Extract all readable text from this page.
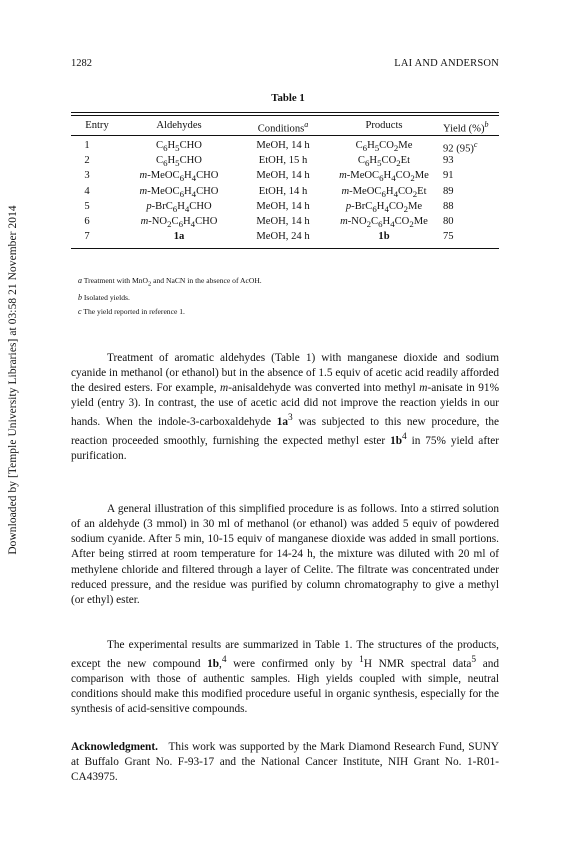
Downloaded by [Temple University Libraries] at 03:58 21 November 2014
1282	LAI AND ANDERSON
Table 1
Entry	Aldehydes	Conditions$^a$	Products	Yield (%)$^b$
1	$C_6H_5CHO$	MeOH, 14 h	$C_6H_5CO_2Me$	92 (95)$^c$
2	$C_6H_5CHO$	EtOH, 15 h	$C_6H_5CO_2Et$	93
3	$m-MeOC_6H_4CHO$	MeOH, 14 h	$m-MeOC_6H_4CO_2Me$	91
4	$m-MeOC_6H_4CHO$	EtOH, 14 h	$m-MeOC_6H_4CO_2Et$	89
5	$p-BrC_6H_4CHO$	MeOH, 14 h	$p-BrC_6H_4CO_2Me$	88
6	$m-NO_2C_6H_4CHO$	MeOH, 14 h	$m-NO_2C_6H_4CO_2Me$	80
7	1a	MeOH, 24 h	1b	75
a Treatment with MnO$_2$ and NaCN in the absence of AcOH.
b Isolated yields.
c The yield reported in reference 1.
Treatment of aromatic aldehydes (Table 1) with manganese dioxide and sodium cyanide in methanol (or ethanol) but in the absence of 1.5 equiv of acetic acid readily afforded the desired esters. For example, m-anisaldehyde was converted into methyl m-anisate in 91% yield (entry 3). In contrast, the use of acetic acid did not improve the reaction yields in our hands. When the indole-3-carboxaldehyde $1a^3$ was subjected to this new procedure, the reaction proceeded smoothly, furnishing the expected methyl ester $1b^4$ in 75% yield after purification.
A general illustration of this simplified procedure is as follows. Into a stirred solution of an aldehyde (3 mmol) in 30 ml of methanol (or ethanol) was added 5 equiv of powdered sodium cyanide. After 5 min, 10-15 equiv of manganese dioxide was added in small portions. After being stirred at room temperature for 14-24 h, the mixture was diluted with 20 ml of methylene chloride and filtered through a layer of Celite. The filtrate was concentrated under reduced pressure, and the residue was purified by column chromatography to give a methyl (or ethyl) ester.
The experimental results are summarized in Table 1. The structures of the products, except the new compound 1b,$^4$ were confirmed only by $^1$H NMR spectral data$^5$ and comparison with those of authentic samples. High yields coupled with simple, neutral conditions should make this modified procedure useful in organic synthesis, especially for the synthesis of acid-sensitive compounds.
Acknowledgment. This work was supported by the Mark Diamond Research Fund, SUNY at Buffalo Grant No. F-93-17 and the National Cancer Institute, NIH Grant No. 1-R01-CA43975.
